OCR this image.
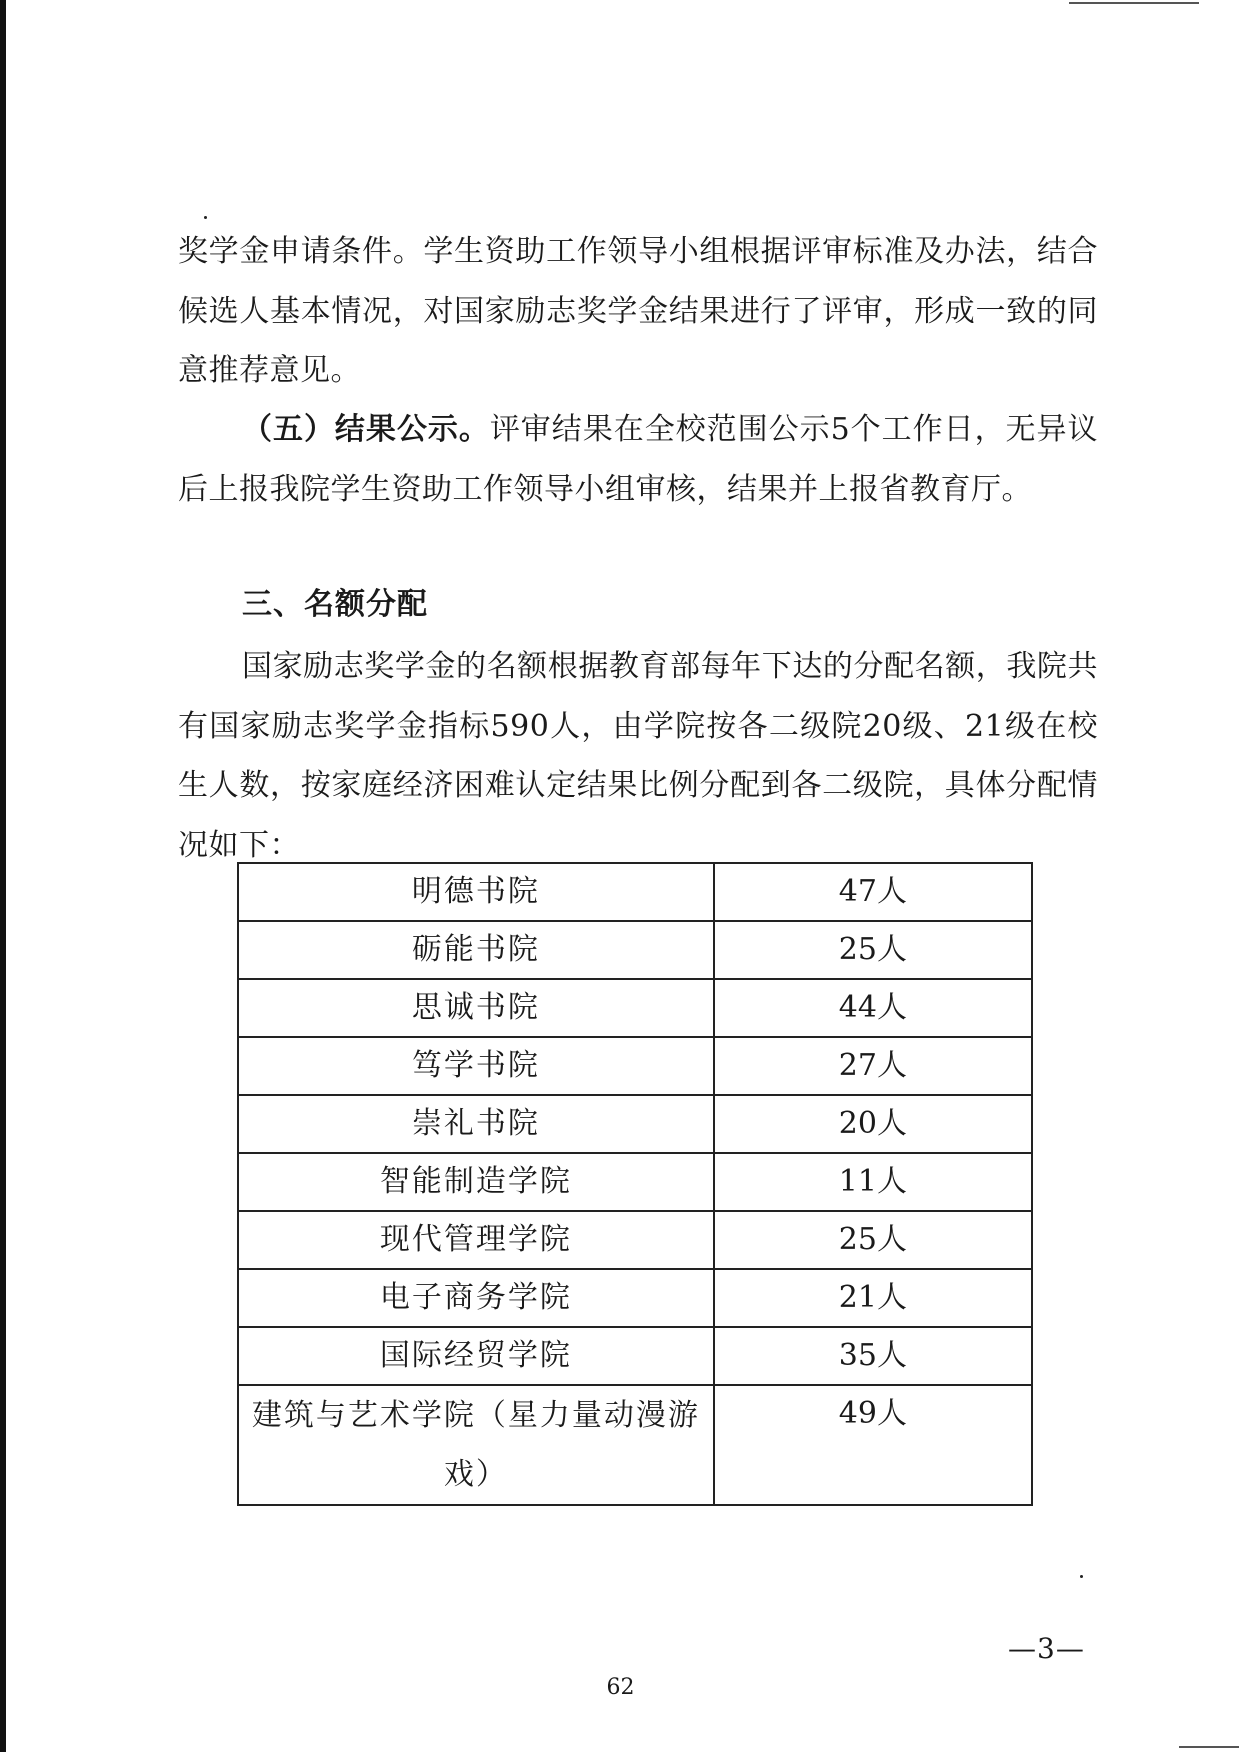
奖学金申请条件。学生资助工作领导小组根据评审标准及办法，结合候选人基本情况，对国家励志奖学金结果进行了评审，形成一致的同意推荐意见。

（五）结果公示。评审结果在全校范围公示5个工作日，无异议后上报我院学生资助工作领导小组审核，结果并上报省教育厅。

三、名额分配

国家励志奖学金的名额根据教育部每年下达的分配名额，我院共有国家励志奖学金指标590人，由学院按各二级院20级、21级在校生人数，按家庭经济困难认定结果比例分配到各二级院，具体分配情况如下：

明德书院	47人
砺能书院	25人
思诚书院	44人
笃学书院	27人
崇礼书院	20人
智能制造学院	11人
现代管理学院	25人
电子商务学院	21人
国际经贸学院	35人
建筑与艺术学院（星力量动漫游戏）	49人

—3—

62
